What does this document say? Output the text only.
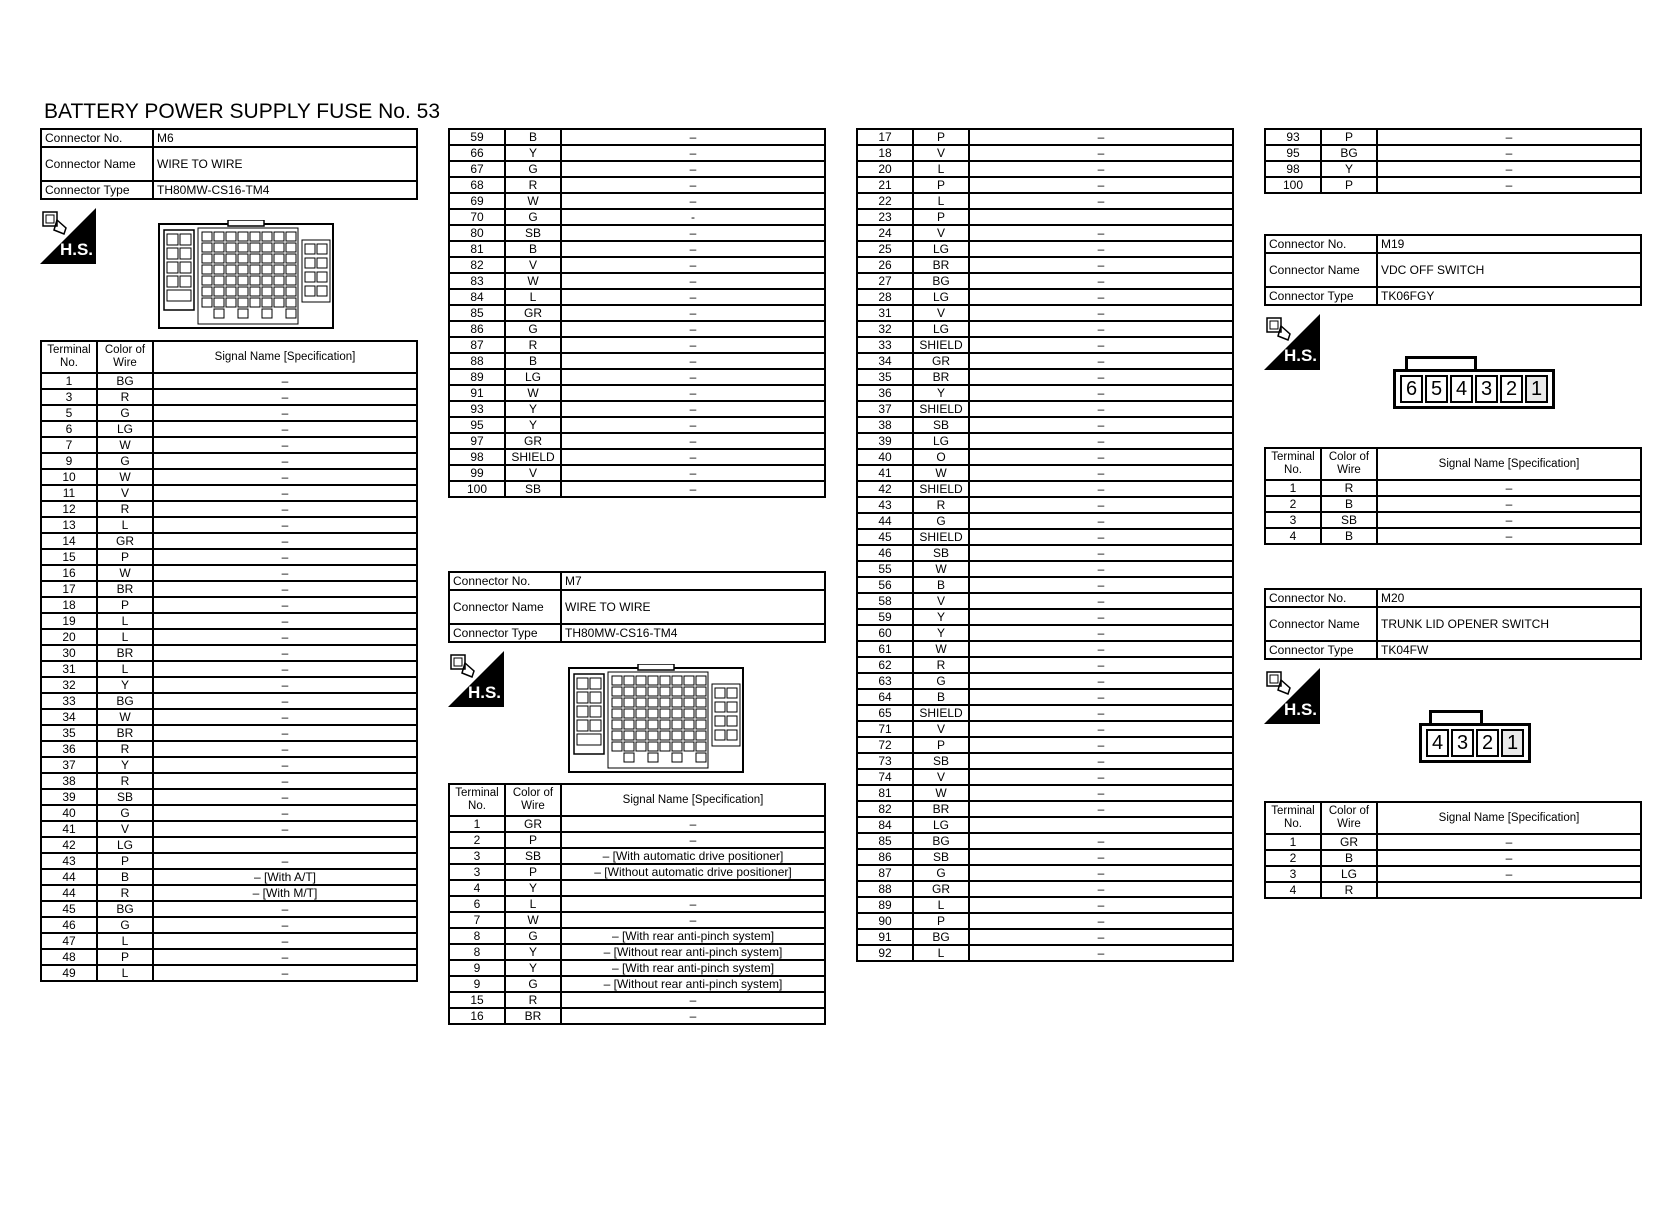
BATTERY POWER SUPPLY FUSE No. 53
Connector No.	M6
Connector Name	WIRE TO WIRE
Connector Type	TH80MW-CS16-TM4
H.S.
Terminal No.	Color of Wire	Signal Name [Specification]
1	BG	–
3	R	–
5	G	–
6	LG	–
7	W	–
9	G	–
10	W	–
11	V	–
12	R	–
13	L	–
14	GR	–
15	P	–
16	W	–
17	BR	–
18	P	–
19	L	–
20	L	–
30	BR	–
31	L	–
32	Y	–
33	BG	–
34	W	–
35	BR	–
36	R	–
37	Y	–
38	R	–
39	SB	–
40	G	–
41	V	–
42	LG	
43	P	–
44	B	– [With A/T]
44	R	– [With M/T]
45	BG	–
46	G	–
47	L	–
48	P	–
49	L	–
59	B	–
66	Y	–
67	G	–
68	R	–
69	W	–
70	G	-
80	SB	–
81	B	–
82	V	–
83	W	–
84	L	–
85	GR	–
86	G	–
87	R	–
88	B	–
89	LG	–
91	W	–
93	Y	–
95	Y	–
97	GR	–
98	SHIELD	–
99	V	–
100	SB	–
Connector No.	M7
Connector Name	WIRE TO WIRE
Connector Type	TH80MW-CS16-TM4
H.S.
Terminal No.	Color of Wire	Signal Name [Specification]
1	GR	–
2	P	–
3	SB	– [With automatic drive positioner]
3	P	– [Without automatic drive positioner]
4	Y	
6	L	–
7	W	–
8	G	– [With rear anti-pinch system]
8	Y	– [Without rear anti-pinch system]
9	Y	– [With rear anti-pinch system]
9	G	– [Without rear anti-pinch system]
15	R	–
16	BR	–
17	P	–
18	V	–
20	L	–
21	P	–
22	L	–
23	P	
24	V	–
25	LG	–
26	BR	–
27	BG	–
28	LG	–
31	V	–
32	LG	–
33	SHIELD	–
34	GR	–
35	BR	–
36	Y	–
37	SHIELD	–
38	SB	–
39	LG	–
40	O	–
41	W	–
42	SHIELD	–
43	R	–
44	G	–
45	SHIELD	–
46	SB	–
55	W	–
56	B	–
58	V	–
59	Y	–
60	Y	–
61	W	–
62	R	–
63	G	–
64	B	–
65	SHIELD	–
71	V	–
72	P	–
73	SB	–
74	V	–
81	W	–
82	BR	–
84	LG	
85	BG	–
86	SB	–
87	G	–
88	GR	–
89	L	–
90	P	–
91	BG	–
92	L	–
93	P	–
95	BG	–
98	Y	–
100	P	–
Connector No.	M19
Connector Name	VDC OFF SWITCH
Connector Type	TK06FGY
H.S.
6 5 4 3 2 1
Terminal No.	Color of Wire	Signal Name [Specification]
1	R	–
2	B	–
3	SB	–
4	B	–
Connector No.	M20
Connector Name	TRUNK LID OPENER SWITCH
Connector Type	TK04FW
H.S.
4 3 2 1
Terminal No.	Color of Wire	Signal Name [Specification]
1	GR	–
2	B	–
3	LG	–
4	R	
